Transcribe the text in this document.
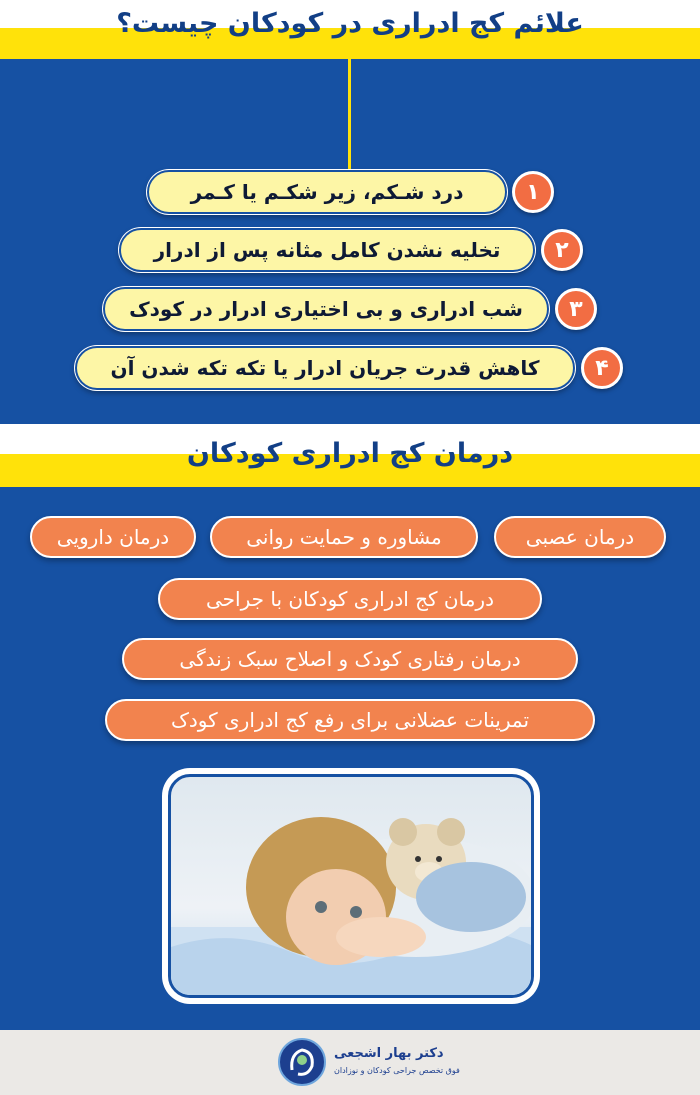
علائم کج ادراری در کودکان چیست؟
درد شـکم، زیر شکـم یا کـمر	۱
تخلیه نشدن کامل مثانه پس از ادرار	۲
شب ادراری و بی اختیاری ادرار در کودک	۳
کاهش قدرت جریان ادرار یا تکه تکه شدن آن	۴
درمان کج ادراری کودکان
درمان عصبی
مشاوره و حمایت روانی
درمان دارویی
درمان کج ادراری کودکان با جراحی
درمان رفتاری کودک و اصلاح سبک زندگی
تمرینات عضلانی برای رفع کج ادراری کودک
دکتر بهار اشجعی
فوق تخصص جراحی کودکان و نوزادان
